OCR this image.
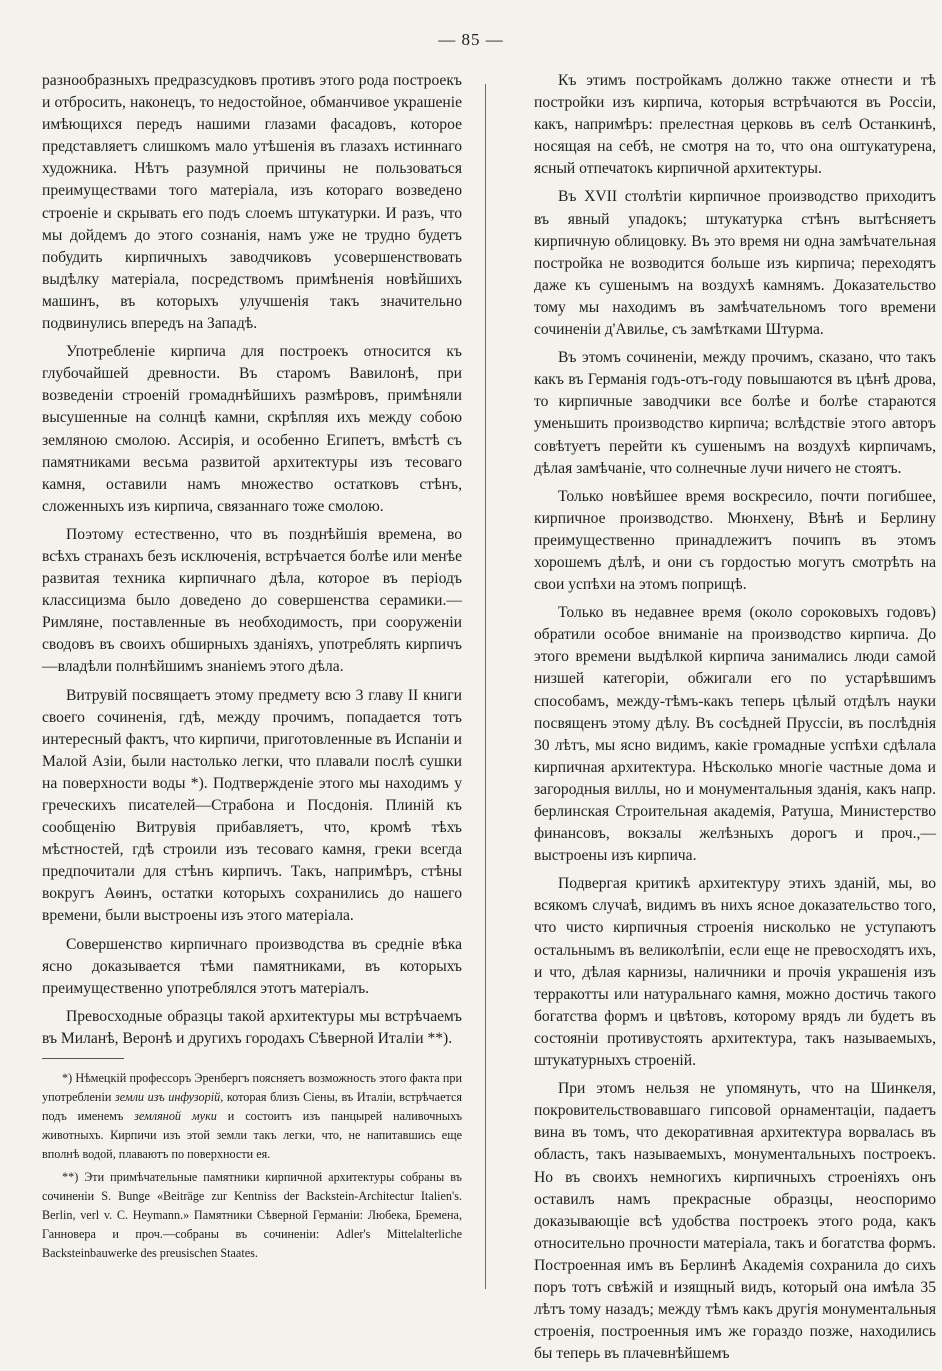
— 85 —

разнообразныхъ предразсудковъ противъ этого рода построекъ и отбросить, наконецъ, то недостойное, обманчивое украшеніе имѣющихся передъ нашими глазами фасадовъ, которое представляетъ слишкомъ мало утѣшенія въ глазахъ истиннаго художника. Нѣтъ разумной причины не пользоваться преимуществами того матеріала, изъ котораго возведено строеніе и скрывать его подъ слоемъ штукатурки. И разъ, что мы дойдемъ до этого сознанія, намъ уже не трудно будетъ побудить кирпичныхъ заводчиковъ усовершенствовать выдѣлку матеріала, посредствомъ примѣненія новѣйшихъ машинъ, въ которыхъ улучшенія такъ значительно подвинулись впередъ на Западѣ.

Употребленіе кирпича для построекъ относится къ глубочайшей древности. Въ старомъ Вавилонѣ, при возведеніи строеній громаднѣйшихъ размѣровъ, примѣняли высушенные на солнцѣ камни, скрѣпляя ихъ между собою земляною смолою. Ассирія, и особенно Египетъ, вмѣстѣ съ памятниками весьма развитой архитектуры изъ тесоваго камня, оставили намъ множество остатковъ стѣнъ, сложенныхъ изъ кирпича, связаннаго тоже смолою.

Поэтому естественно, что въ позднѣйшія времена, во всѣхъ странахъ безъ исключенія, встрѣчается болѣе или менѣе развитая техника кирпичнаго дѣла, которое въ періодъ классицизма было доведено до совершенства серамики.—Римляне, поставленные въ необходимость, при сооруженіи сводовъ въ своихъ обширныхъ зданіяхъ, употреблять кирпичъ—владѣли полнѣйшимъ знаніемъ этого дѣла.

Витрувій посвящаетъ этому предмету всю 3 главу II книги своего сочиненія, гдѣ, между прочимъ, попадается тотъ интересный фактъ, что кирпичи, приготовленные въ Испаніи и Малой Азіи, были настолько легки, что плавали послѣ сушки на поверхности воды *). Подтвержденіе этого мы находимъ у греческихъ писателей—Страбона и Посдонія. Плиній къ сообщенію Витрувія прибавляетъ, что, кромѣ тѣхъ мѣстностей, гдѣ строили изъ тесоваго камня, греки всегда предпочитали для стѣнъ кирпичъ. Такъ, напримѣръ, стѣны вокругъ Аѳинъ, остатки которыхъ сохранились до нашего времени, были выстроены изъ этого матеріала.

Совершенство кирпичнаго производства въ средніе вѣка ясно доказывается тѣми памятниками, въ которыхъ преимущественно употреблялся этотъ матеріалъ.

Превосходные образцы такой архитектуры мы встрѣчаемъ въ Миланѣ, Веронѣ и другихъ городахъ Сѣверной Италіи **).

*) Нѣмецкій профессоръ Эренбергъ поясняетъ возможность этого факта при употребленіи земли изъ инфузорій, которая близъ Сіены, въ Италіи, встрѣчается подъ именемъ земляной муки и состоитъ изъ панцырей наливочныхъ животныхъ. Кирпичи изъ этой земли такъ легки, что, не напитавшись еще вполнѣ водой, плаваютъ по поверхности ея.

**) Эти примѣчательные памятники кирпичной архитектуры собраны въ сочиненіи S. Bunge «Beiträge zur Kentniss der Backstein-Architectur Italien's. Berlin, verl v. C. Heymann.» Памятники Сѣверной Германіи: Любека, Бремена, Ганновера и проч.—собраны въ сочиненіи: Adler's Mittelalterliche Backsteinbauwerke des preusischen Staates.

Къ этимъ постройкамъ должно также отнести и тѣ постройки изъ кирпича, которыя встрѣчаются въ Россіи, какъ, напримѣръ: прелестная церковь въ селѣ Останкинѣ, носящая на себѣ, не смотря на то, что она оштукатурена, ясный отпечатокъ кирпичной архитектуры.

Въ XVII столѣтіи кирпичное производство приходитъ въ явный упадокъ; штукатурка стѣнъ вытѣсняетъ кирпичную облицовку. Въ это время ни одна замѣчательная постройка не возводится больше изъ кирпича; переходятъ даже къ сушенымъ на воздухѣ камнямъ. Доказательство тому мы находимъ въ замѣчательномъ того времени сочиненіи д'Авильe, съ замѣтками Штурма.

Въ этомъ сочиненіи, между прочимъ, сказано, что такъ какъ въ Германія годъ-отъ-году повышаются въ цѣнѣ дрова, то кирпичные заводчики все болѣе и болѣе стараются уменьшить производство кирпича; вслѣдствіе этого авторъ совѣтуетъ перейти къ сушенымъ на воздухѣ кирпичамъ, дѣлая замѣчаніе, что солнечные лучи ничего не стоятъ.

Только новѣйшее время воскресило, почти погибшее, кирпичное производство. Мюнхену, Вѣнѣ и Берлину преимущественно принадлежитъ почипъ въ этомъ хорошемъ дѣлѣ, и они съ гордостью могутъ смотрѣть на свои успѣхи на этомъ поприщѣ.

Только въ недавнее время (около сороковыхъ годовъ) обратили особое вниманіе на производство кирпича. До этого времени выдѣлкой кирпича занимались люди самой низшей категоріи, обжигали его по устарѣвшимъ способамъ, между-тѣмъ-какъ теперь цѣлый отдѣлъ науки посвященъ этому дѣлу. Въ сосѣдней Пруссіи, въ послѣднія 30 лѣтъ, мы ясно видимъ, какіе громадные успѣхи сдѣлала кирпичная архитектура. Нѣсколько многіе частные дома и загородныя виллы, но и монументальныя зданія, какъ напр. берлинская Строительная академія, Ратуша, Министерство финансовъ, вокзалы желѣзныхъ дорогъ и проч.,— выстроены изъ кирпича.

Подвергая критикѣ архитектуру этихъ зданій, мы, во всякомъ случаѣ, видимъ въ нихъ ясное доказательство того, что чисто кирпичныя строенія нисколько не уступаютъ остальнымъ въ великолѣпіи, если еще не превосходятъ ихъ, и что, дѣлая карнизы, наличники и прочія украшенія изъ терракотты или натуральнаго камня, можно достичь такого богатства формъ и цвѣтовъ, которому врядъ ли будетъ въ состояніи противустоять архитектура, такъ называемыхъ, штукатурныхъ строеній.

При этомъ нельзя не упомянуть, что на Шинкеля, покровительствовавшаго гипсовой орнаментаціи, падаетъ вина въ томъ, что декоративная архитектура ворвалась въ область, такъ называемыхъ, монументальныхъ построекъ. Но въ своихъ немногихъ кирпичныхъ строеніяхъ онъ оставилъ намъ прекрасные образцы, неоспоримо доказывающіе всѣ удобства построекъ этого рода, какъ относительно прочности матеріала, такъ и богатства формъ. Построенная имъ въ Берлинѣ Академія сохранила до сихъ поръ тотъ свѣжій и изящный видъ, который она имѣла 35 лѣтъ тому назадъ; между тѣмъ какъ другія монументальныя строенія, построенныя имъ же гораздо позже, находились бы теперь въ плачевнѣйшемъ
